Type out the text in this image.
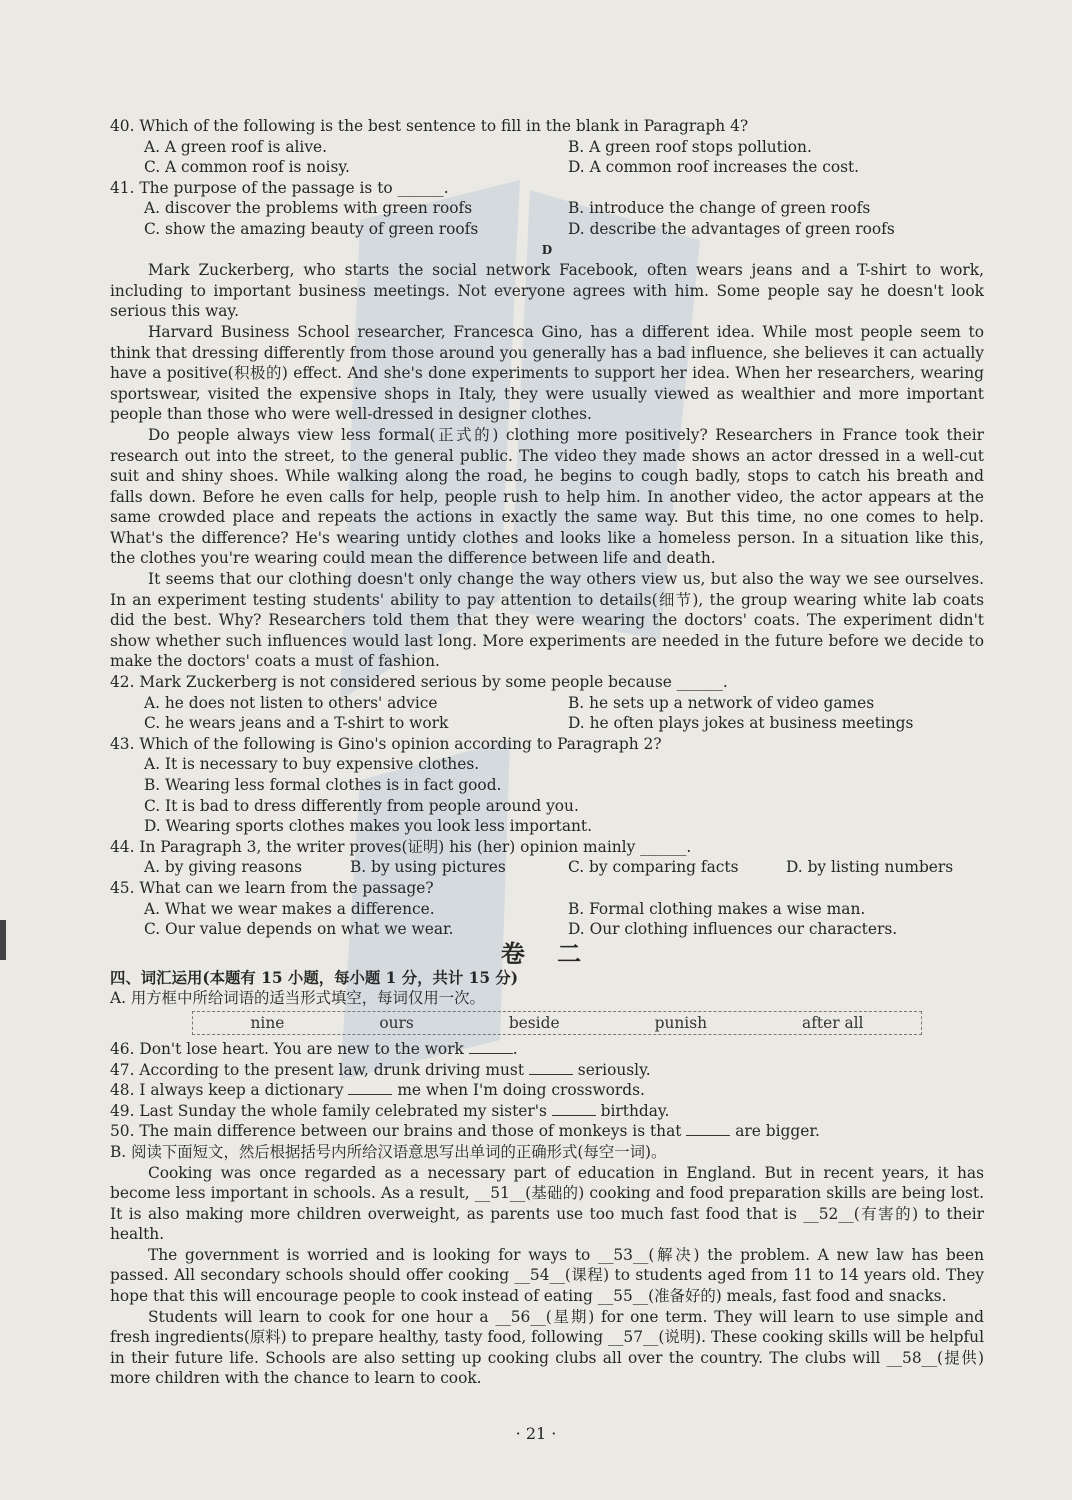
40. Which of the following is the best sentence to fill in the blank in Paragraph 4?

A. A green roof is alive.	B. A green roof stops pollution.
C. A common roof is noisy.	D. A common roof increases the cost.

41. The purpose of the passage is to ______.

A. discover the problems with green roofs	B. introduce the change of green roofs
C. show the amazing beauty of green roofs	D. describe the advantages of green roofs

D

Mark Zuckerberg, who starts the social network Facebook, often wears jeans and a T-shirt to work, including to important business meetings. Not everyone agrees with him. Some people say he doesn't look serious this way.

Harvard Business School researcher, Francesca Gino, has a different idea. While most people seem to think that dressing differently from those around you generally has a bad influence, she believes it can actually have a positive(积极的) effect. And she's done experiments to support her idea. When her researchers, wearing sportswear, visited the expensive shops in Italy, they were usually viewed as wealthier and more important people than those who were well-dressed in designer clothes.

Do people always view less formal(正式的) clothing more positively? Researchers in France took their research out into the street, to the general public. The video they made shows an actor dressed in a well-cut suit and shiny shoes. While walking along the road, he begins to cough badly, stops to catch his breath and falls down. Before he even calls for help, people rush to help him. In another video, the actor appears at the same crowded place and repeats the actions in exactly the same way. But this time, no one comes to help. What's the difference? He's wearing untidy clothes and looks like a homeless person. In a situation like this, the clothes you're wearing could mean the difference between life and death.

It seems that our clothing doesn't only change the way others view us, but also the way we see ourselves. In an experiment testing students' ability to pay attention to details(细节), the group wearing white lab coats did the best. Why? Researchers told them that they were wearing the doctors' coats. The experiment didn't show whether such influences would last long. More experiments are needed in the future before we decide to make the doctors' coats a must of fashion.

42. Mark Zuckerberg is not considered serious by some people because ______.

A. he does not listen to others' advice	B. he sets up a network of video games
C. he wears jeans and a T-shirt to work	D. he often plays jokes at business meetings

43. Which of the following is Gino's opinion according to Paragraph 2?

A. It is necessary to buy expensive clothes.
B. Wearing less formal clothes is in fact good.
C. It is bad to dress differently from people around you.
D. Wearing sports clothes makes you look less important.

44. In Paragraph 3, the writer proves(证明) his (her) opinion mainly ______.

A. by giving reasons	B. by using pictures	C. by comparing facts	D. by listing numbers

45. What can we learn from the passage?

A. What we wear makes a difference.	B. Formal clothing makes a wise man.
C. Our value depends on what we wear.	D. Our clothing influences our characters.

卷 二

四、词汇运用(本题有 15 小题，每小题 1 分，共计 15 分)

A. 用方框中所给词语的适当形式填空，每词仅用一次。

nine	ours	beside	punish	after all

46. Don't lose heart. You are new to the work	.

47. According to the present law, drunk driving must	seriously.

48. I always keep a dictionary	me when I'm doing crosswords.

49. Last Sunday the whole family celebrated my sister's	birthday.

50. The main difference between our brains and those of monkeys is that	are bigger.

B. 阅读下面短文，然后根据括号内所给汉语意思写出单词的正确形式(每空一词)。

Cooking was once regarded as a necessary part of education in England. But in recent years, it has become less important in schools. As a result, __51__(基础的) cooking and food preparation skills are being lost. It is also making more children overweight, as parents use too much fast food that is __52__(有害的) to their health.

The government is worried and is looking for ways to __53__(解决) the problem. A new law has been passed. All secondary schools should offer cooking __54__(课程) to students aged from 11 to 14 years old. They hope that this will encourage people to cook instead of eating __55__(准备好的) meals, fast food and snacks.

Students will learn to cook for one hour a __56__(星期) for one term. They will learn to use simple and fresh ingredients(原料) to prepare healthy, tasty food, following __57__(说明). These cooking skills will be helpful in their future life. Schools are also setting up cooking clubs all over the country. The clubs will __58__(提供) more children with the chance to learn to cook.

· 21 ·
